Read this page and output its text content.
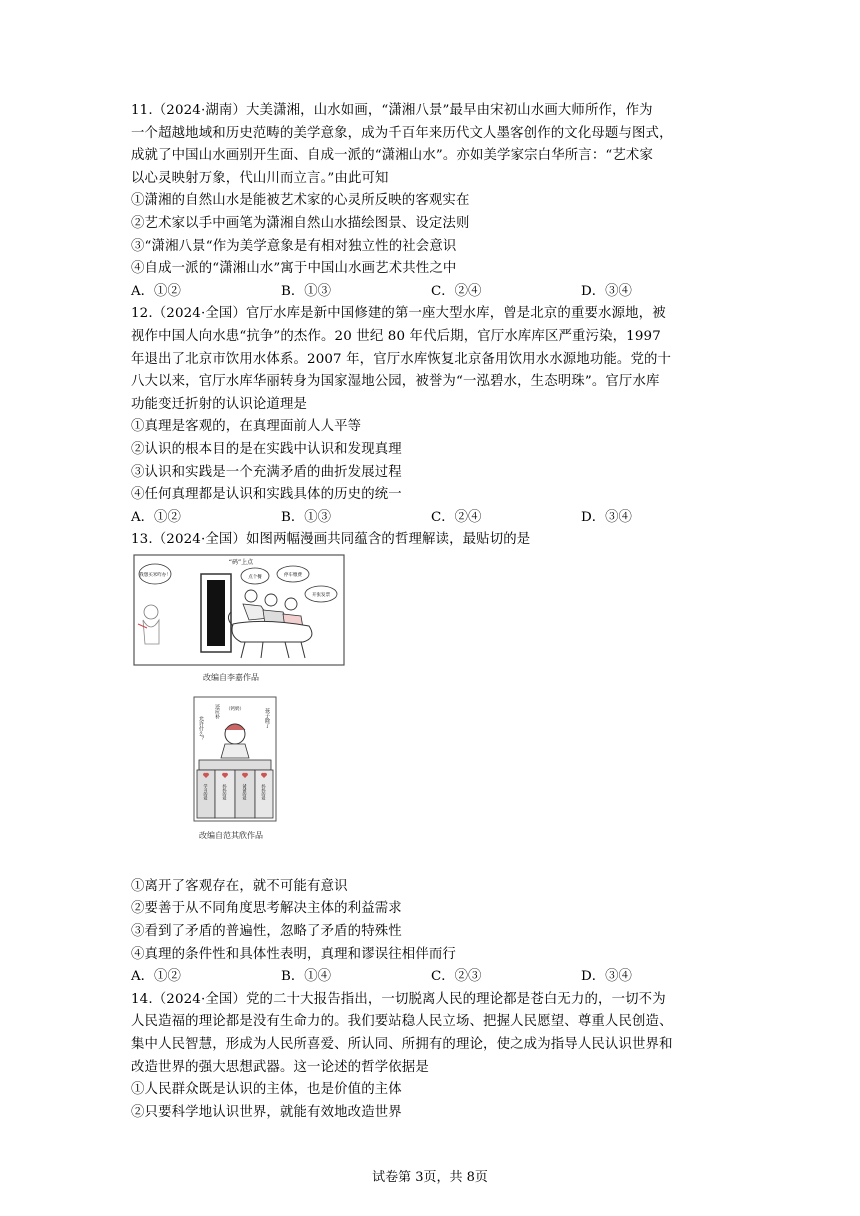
11.（2024·湖南）大美潇湘，山水如画，“潇湘八景”最早由宋初山水画大师所作，作为
一个超越地域和历史范畴的美学意象，成为千百年来历代文人墨客创作的文化母题与图式，
成就了中国山水画别开生面、自成一派的“潇湘山水”。亦如美学家宗白华所言：“艺术家
以心灵映射万象，代山川而立言。”由此可知
①潇湘的自然山水是能被艺术家的心灵所反映的客观实在
②艺术家以手中画笔为潇湘自然山水描绘图景、设定法则
③“潇湘八景“作为美学意象是有相对独立性的社会意识
④自成一派的“潇湘山水”寓于中国山水画艺术共性之中
A．①②	B．①③	C．②④	D．③④
12.（2024·全国）官厅水库是新中国修建的第一座大型水库，曾是北京的重要水源地，被
视作中国人向水患“抗争”的杰作。20 世纪 80 年代后期，官厅水库库区严重污染，1997
年退出了北京市饮用水体系。2007 年，官厅水库恢复北京备用饮用水水源地功能。党的十
八大以来，官厅水库华丽转身为国家湿地公园，被誉为“一泓碧水，生态明珠”。官厅水库
功能变迁折射的认识论道理是
①真理是客观的，在真理面前人人平等
②认识的根本目的是在实践中认识和发现真理
③认识和实践是一个充满矛盾的曲折发展过程
④任何真理都是认识和实践具体的历史的统一
A．①②	B．①③	C．②④	D．③④
13.（2024·全国）如图两幅漫画共同蕴含的哲理解读，最贴切的是
“码”上点
我想买米咋办！	点个餐	停车缴费
开张发票
改编自李嘉作品
允许什么？
还应补 （钙奶）	孩子除了
学习的爱	妈妈的爱	爸爸的爱	妈妈的爱
改编自范其欣作品
①离开了客观存在，就不可能有意识
②要善于从不同角度思考解决主体的利益需求
③看到了矛盾的普遍性，忽略了矛盾的特殊性
④真理的条件性和具体性表明，真理和谬误往相伴而行
A．①②	B．①④	C．②③	D．③④
14.（2024·全国）党的二十大报告指出，一切脱离人民的理论都是苍白无力的，一切不为
人民造福的理论都是没有生命力的。我们要站稳人民立场、把握人民愿望、尊重人民创造、
集中人民智慧，形成为人民所喜爱、所认同、所拥有的理论，使之成为指导人民认识世界和
改造世界的强大思想武器。这一论述的哲学依据是
①人民群众既是认识的主体，也是价值的主体
②只要科学地认识世界，就能有效地改造世界
试卷第 3页，共 8页
